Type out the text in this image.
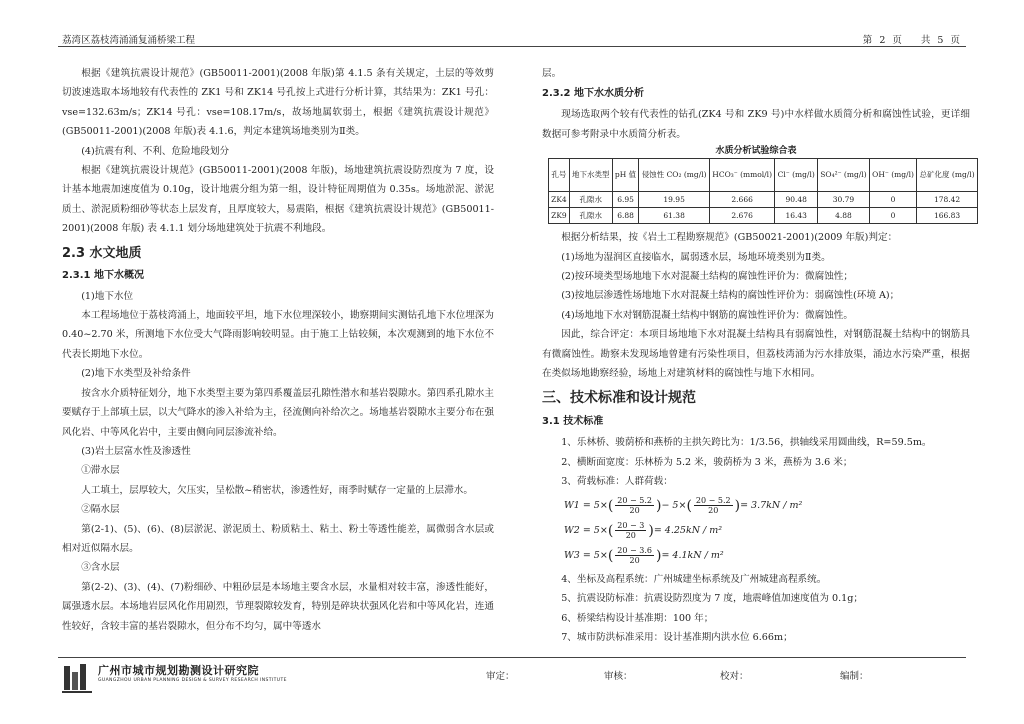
荔湾区荔枝湾涌涌复涌桥梁工程	第 2 页　　 共 5 页

根据《建筑抗震设计规范》(GB50011-2001)(2008 年版)第 4.1.5 条有关规定，土层的等效剪切波速选取本场地较有代表性的 ZK1 号和 ZK14 号孔按上式进行分析计算，其结果为：ZK1 号孔：vse=132.63m/s；ZK14 号孔：vse=108.17m/s，故场地属软弱土，根据《建筑抗震设计规范》(GB50011-2001)(2008 年版)表 4.1.6，判定本建筑场地类别为Ⅱ类。

(4)抗震有利、不利、危险地段划分

根据《建筑抗震设计规范》(GB50011-2001)(2008 年版)，场地建筑抗震设防烈度为 7 度，设计基本地震加速度值为 0.10g，设计地震分组为第一组，设计特征周期值为 0.35s。场地淤泥、淤泥质土、淤泥质粉细砂等状态上层发育，且厚度较大，易震陷，根据《建筑抗震设计规范》(GB50011-2001)(2008 年版) 表 4.1.1 划分场地建筑处于抗震不利地段。

2.3 水文地质
2.3.1 地下水概况

(1)地下水位

本工程场地位于荔枝湾涌上，地面较平坦，地下水位埋深较小，勘察期间实测钻孔地下水位埋深为 0.40~2.70 米，所测地下水位受大气降雨影响较明显。由于施工上钻较频，本次观测到的地下水位不代表长期地下水位。

(2)地下水类型及补给条件

按含水介质特征划分，地下水类型主要为第四系覆盖层孔隙性潜水和基岩裂隙水。第四系孔隙水主要赋存于上部填土层，以大气降水的渗入补给为主，径流侧向补给次之。场地基岩裂隙水主要分布在强风化岩、中等风化岩中，主要由侧向同层渗流补给。

(3)岩土层富水性及渗透性

①滞水层

人工填土，层厚较大，欠压实，呈松散~稍密状，渗透性好，雨季时赋存一定量的上层滞水。

②隔水层

第(2-1)、(5)、(6)、(8)层淤泥、淤泥质土、粉质粘土、粘土、粉土等透性能差，属微弱含水层或相对近似隔水层。

③含水层

第(2-2)、(3)、(4)、(7)粉细砂、中粗砂层是本场地主要含水层，水量相对较丰富，渗透性能好，属强透水层。本场地岩层风化作用剧烈，节理裂隙较发育，特别是碎块状强风化岩和中等风化岩，连通性较好，含较丰富的基岩裂隙水，但分布不均匀，属中等透水

层。

2.3.2 地下水水质分析

现场选取两个较有代表性的钻孔(ZK4 号和 ZK9 号)中水样做水质简分析和腐蚀性试验，更详细数据可参考附录中水质简分析表。

水质分析试验综合表

孔号	地下水类型	pH 值	侵蚀性 CO₂ (mg/l)	HCO₃⁻ (mmol/l)	Cl⁻ (mg/l)	SO₄²⁻ (mg/l)	OH⁻ (mg/l)	总矿化度 (mg/l)
ZK4	孔隙水	6.95	19.95	2.666	90.48	30.79	0	178.42
ZK9	孔隙水	6.88	61.38	2.676	16.43	4.88	0	166.83

根据分析结果，按《岩土工程勘察规范》(GB50021-2001)(2009 年版)判定：

(1)场地为湿润区直接临水，属弱透水层，场地环境类别为Ⅱ类。

(2)按环境类型场地地下水对混凝土结构的腐蚀性评价为：微腐蚀性；

(3)按地层渗透性场地地下水对混凝土结构的腐蚀性评价为：弱腐蚀性(环境 A)；

(4)场地地下水对钢筋混凝土结构中钢筋的腐蚀性评价为：微腐蚀性。

因此，综合评定：本项目场地地下水对混凝土结构具有弱腐蚀性，对钢筋混凝土结构中的钢筋具有微腐蚀性。勘察未发现场地曾建有污染性项目，但荔枝湾涌为污水排放渠，涌边水污染严重，根据在类似场地勘察经验，场地上对建筑材料的腐蚀性与地下水相同。

三、技术标准和设计规范
3.1 技术标准

1、乐林桥、骏荫桥和燕桥的主拱矢跨比为：1/3.56，拱轴线采用圆曲线，R=59.5m。

2、横断面宽度：乐林桥为 5.2 米，骏荫桥为 3 米，燕桥为 3.6 米；

3、荷载标准：人群荷载：

W1 = 5× ( $\frac{20 - 5.2}{20}$ ) − 5× ( $\frac{20 - 5.2}{20}$ ) = 3.7kN / m²
W2 = 5× ( $\frac{20 - 3}{20}$ ) = 4.25kN / m²
W3 = 5× ( $\frac{20 - 3.6}{20}$ ) = 4.1kN / m²

4、坐标及高程系统：广州城建坐标系统及广州城建高程系统。

5、抗震设防标准：抗震设防烈度为 7 度，地震峰值加速度值为 0.1g；

6、桥梁结构设计基准期：100 年；

7、城市防洪标准采用：设计基准期内洪水位 6.66m；

广州市城市规划勘测设计研究院
GUANGZHOU URBAN PLANNING DESIGN & SURVEY RESEARCH INSTITUTE	审定：	审核：	校对：	编制：
